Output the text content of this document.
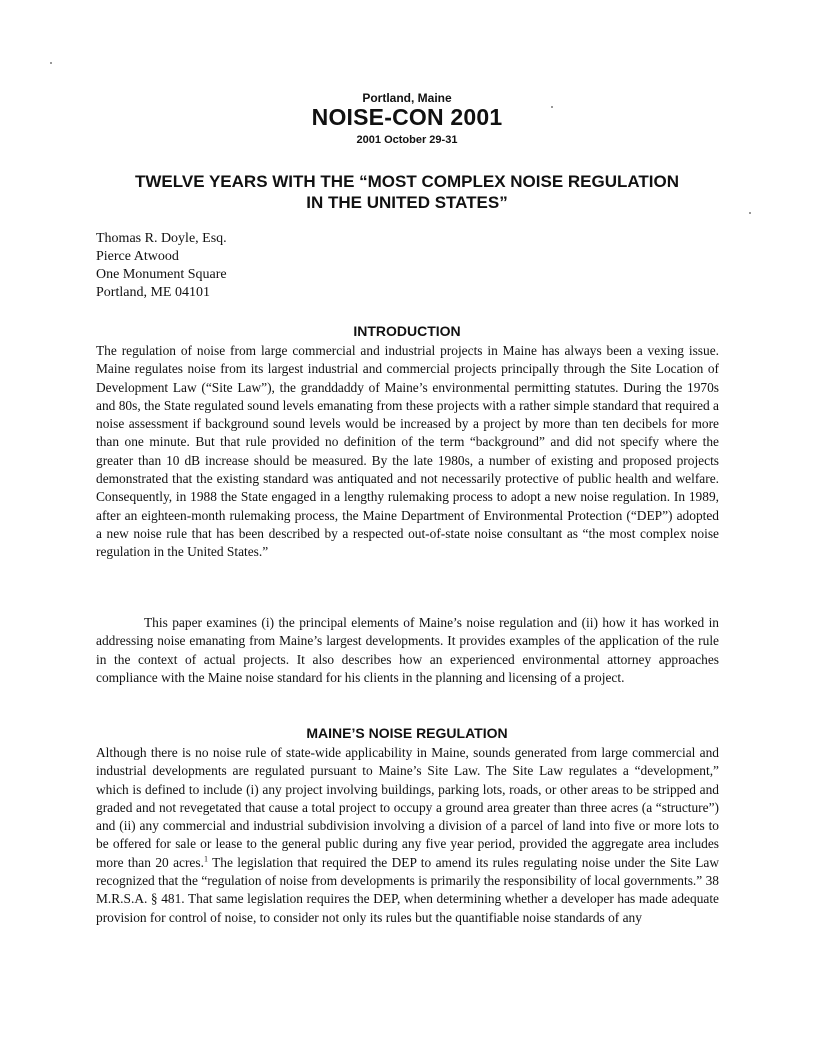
Portland, Maine
NOISE-CON 2001
2001 October 29-31
TWELVE YEARS WITH THE “MOST COMPLEX NOISE REGULATION
IN THE UNITED STATES”
Thomas R. Doyle, Esq.
Pierce Atwood
One Monument Square
Portland, ME 04101
INTRODUCTION

The regulation of noise from large commercial and industrial projects in Maine has always been a vexing issue. Maine regulates noise from its largest industrial and commercial projects principally through the Site Location of Development Law (“Site Law”), the granddaddy of Maine’s environmental permitting statutes. During the 1970s and 80s, the State regulated sound levels emanating from these projects with a rather simple standard that required a noise assessment if background sound levels would be increased by a project by more than ten decibels for more than one minute. But that rule provided no definition of the term “background” and did not specify where the greater than 10 dB increase should be measured. By the late 1980s, a number of existing and proposed projects demonstrated that the existing standard was antiquated and not necessarily protective of public health and welfare. Consequently, in 1988 the State engaged in a lengthy rulemaking process to adopt a new noise regulation. In 1989, after an eighteen-month rulemaking process, the Maine Department of Environmental Protection (“DEP”) adopted a new noise rule that has been described by a respected out-of-state noise consultant as “the most complex noise regulation in the United States.”

This paper examines (i) the principal elements of Maine’s noise regulation and (ii) how it has worked in addressing noise emanating from Maine’s largest developments. It provides examples of the application of the rule in the context of actual projects. It also describes how an experienced environmental attorney approaches compliance with the Maine noise standard for his clients in the planning and licensing of a project.

MAINE’S NOISE REGULATION

Although there is no noise rule of state-wide applicability in Maine, sounds generated from large commercial and industrial developments are regulated pursuant to Maine’s Site Law. The Site Law regulates a “development,” which is defined to include (i) any project involving buildings, parking lots, roads, or other areas to be stripped and graded and not revegetated that cause a total project to occupy a ground area greater than three acres (a “structure”) and (ii) any commercial and industrial subdivision involving a division of a parcel of land into five or more lots to be offered for sale or lease to the general public during any five year period, provided the aggregate area includes more than 20 acres.$^1$ The legislation that required the DEP to amend its rules regulating noise under the Site Law recognized that the “regulation of noise from developments is primarily the responsibility of local governments.” 38 M.R.S.A. § 481. That same legislation requires the DEP, when determining whether a developer has made adequate provision for control of noise, to consider not only its rules but the quantifiable noise standards of any
